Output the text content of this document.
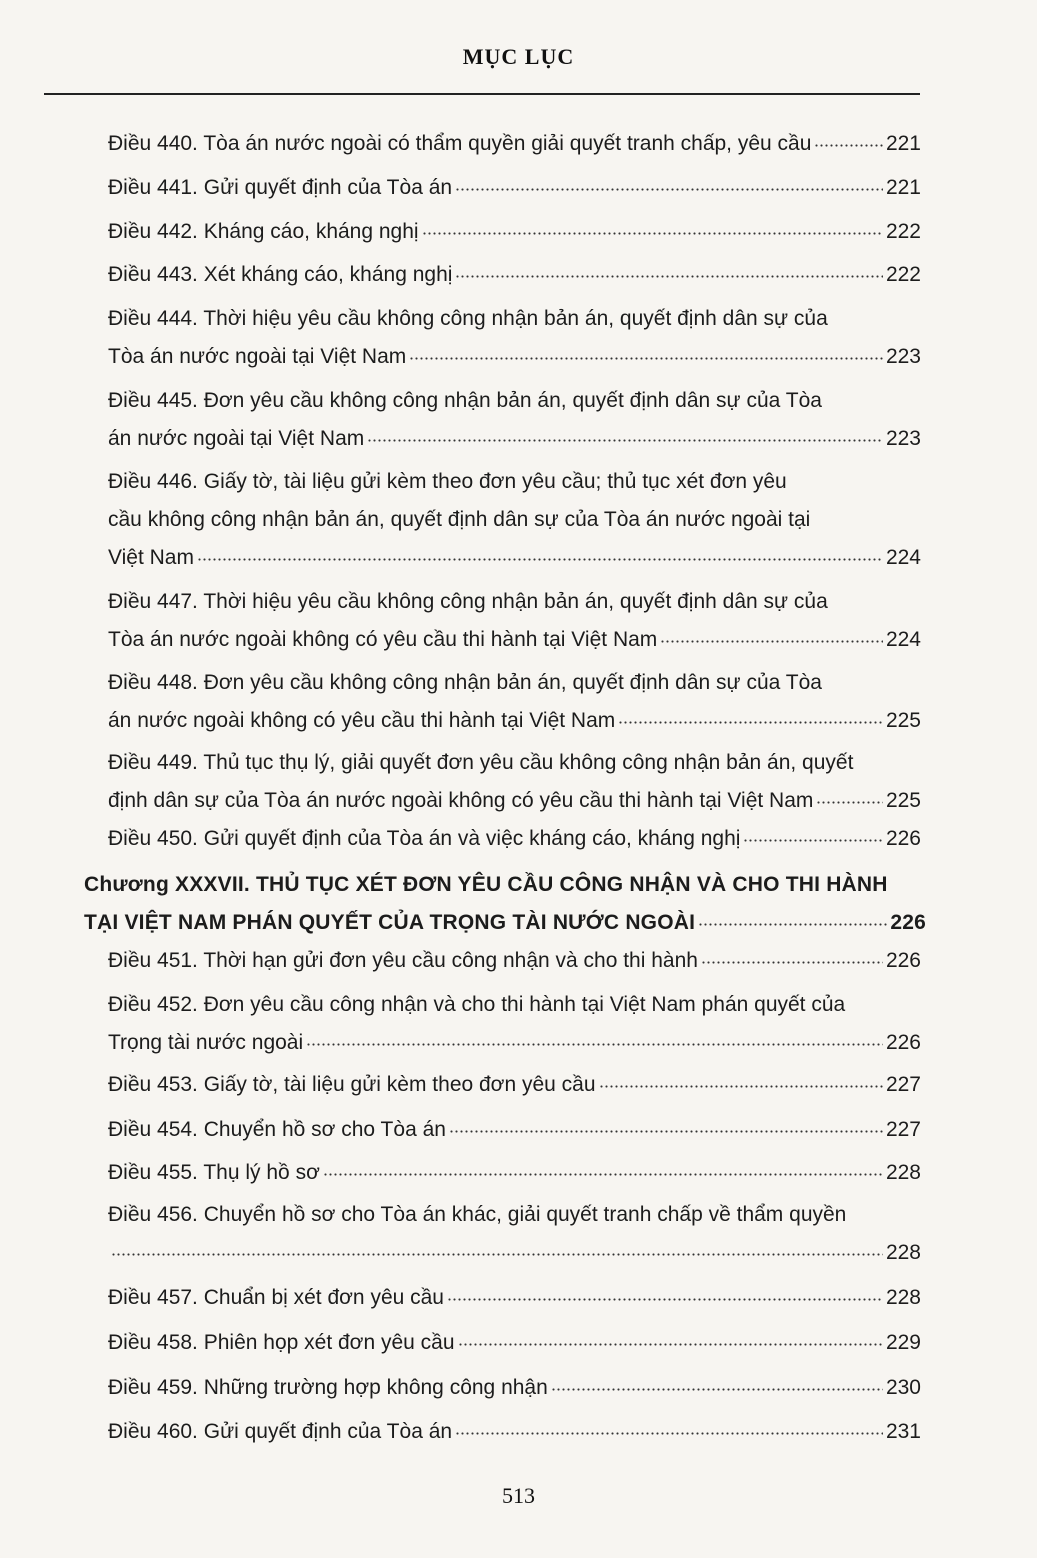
MỤC LỤC
Điều 440. Tòa án nước ngoài có thẩm quyền giải quyết tranh chấp, yêu cầu	221
Điều 441. Gửi quyết định của Tòa án	221
Điều 442. Kháng cáo, kháng nghị	222
Điều 443. Xét kháng cáo, kháng nghị	222
Điều 444. Thời hiệu yêu cầu không công nhận bản án, quyết định dân sự của
Tòa án nước ngoài tại Việt Nam	223
Điều 445. Đơn yêu cầu không công nhận bản án, quyết định dân sự của Tòa
án nước ngoài tại Việt Nam	223
Điều 446. Giấy tờ, tài liệu gửi kèm theo đơn yêu cầu; thủ tục xét đơn yêu
cầu không công nhận bản án, quyết định dân sự của Tòa án nước ngoài tại
Việt Nam	224
Điều 447. Thời hiệu yêu cầu không công nhận bản án, quyết định dân sự của
Tòa án nước ngoài không có yêu cầu thi hành tại Việt Nam	224
Điều 448. Đơn yêu cầu không công nhận bản án, quyết định dân sự của Tòa
án nước ngoài không có yêu cầu thi hành tại Việt Nam	225
Điều 449. Thủ tục thụ lý, giải quyết đơn yêu cầu không công nhận bản án, quyết
định dân sự của Tòa án nước ngoài không có yêu cầu thi hành tại Việt Nam	225
Điều 450. Gửi quyết định của Tòa án và việc kháng cáo, kháng nghị	226
Chương XXXVII. THỦ TỤC XÉT ĐƠN YÊU CẦU CÔNG NHẬN VÀ CHO THI HÀNH
TẠI VIỆT NAM PHÁN QUYẾT CỦA TRỌNG TÀI NƯỚC NGOÀI	226
Điều 451. Thời hạn gửi đơn yêu cầu công nhận và cho thi hành	226
Điều 452. Đơn yêu cầu công nhận và cho thi hành tại Việt Nam phán quyết của
Trọng tài nước ngoài	226
Điều 453. Giấy tờ, tài liệu gửi kèm theo đơn yêu cầu	227
Điều 454. Chuyển hồ sơ cho Tòa án	227
Điều 455. Thụ lý hồ sơ	228
Điều 456. Chuyển hồ sơ cho Tòa án khác, giải quyết tranh chấp về thẩm quyền
228
Điều 457. Chuẩn bị xét đơn yêu cầu	228
Điều 458. Phiên họp xét đơn yêu cầu	229
Điều 459. Những trường hợp không công nhận	230
Điều 460. Gửi quyết định của Tòa án	231
513
